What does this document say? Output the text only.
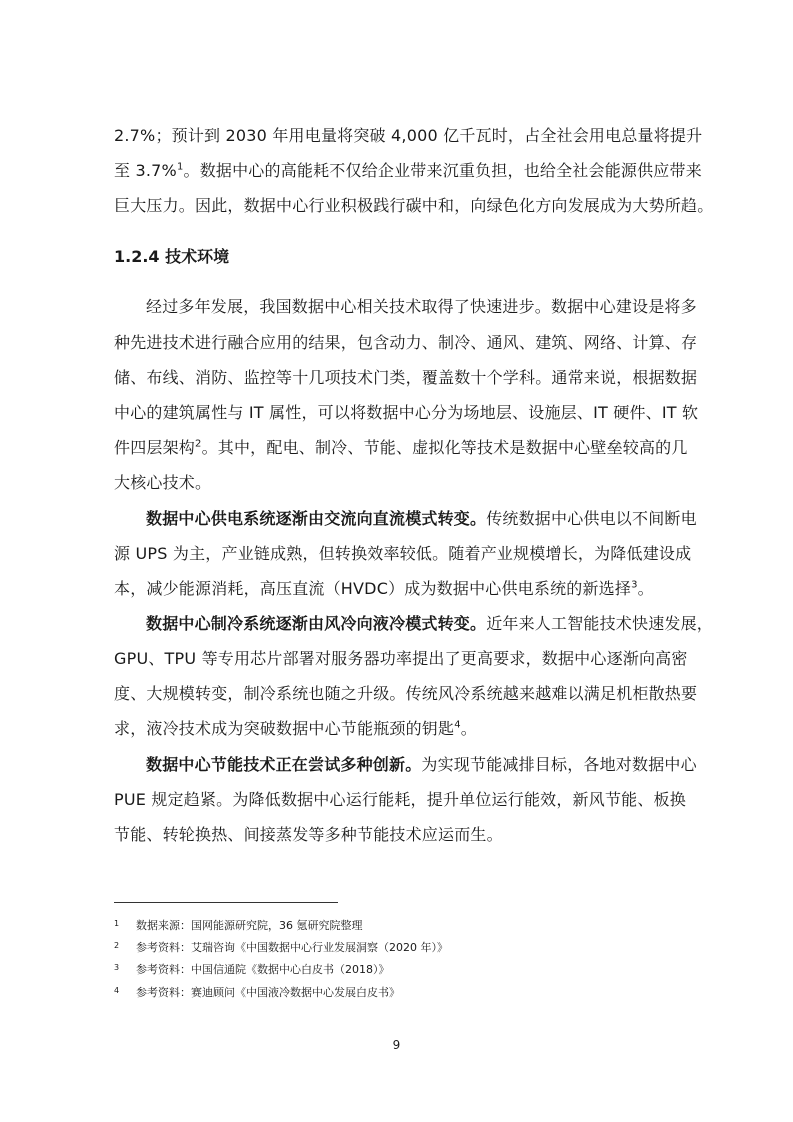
2.7%；预计到 2030 年用电量将突破 4,000 亿千瓦时，占全社会用电总量将提升
至 3.7%$^1$。数据中心的高能耗不仅给企业带来沉重负担，也给全社会能源供应带来
巨大压力。因此，数据中心行业积极践行碳中和，向绿色化方向发展成为大势所趋。
1.2.4 技术环境
经过多年发展，我国数据中心相关技术取得了快速进步。数据中心建设是将多
种先进技术进行融合应用的结果，包含动力、制冷、通风、建筑、网络、计算、存
储、布线、消防、监控等十几项技术门类，覆盖数十个学科。通常来说，根据数据
中心的建筑属性与 IT 属性，可以将数据中心分为场地层、设施层、IT 硬件、IT 软
件四层架构$^2$。其中，配电、制冷、节能、虚拟化等技术是数据中心壁垒较高的几
大核心技术。
数据中心供电系统逐渐由交流向直流模式转变。传统数据中心供电以不间断电
源 UPS 为主，产业链成熟，但转换效率较低。随着产业规模增长，为降低建设成
本，减少能源消耗，高压直流（HVDC）成为数据中心供电系统的新选择$^3$。
数据中心制冷系统逐渐由风冷向液冷模式转变。近年来人工智能技术快速发展，
GPU、TPU 等专用芯片部署对服务器功率提出了更高要求，数据中心逐渐向高密
度、大规模转变，制冷系统也随之升级。传统风冷系统越来越难以满足机柜散热要
求，液冷技术成为突破数据中心节能瓶颈的钥匙$^4$。
数据中心节能技术正在尝试多种创新。为实现节能减排目标，各地对数据中心
PUE 规定趋紧。为降低数据中心运行能耗，提升单位运行能效，新风节能、板换
节能、转轮换热、间接蒸发等多种节能技术应运而生。
1 数据来源：国网能源研究院，36 氪研究院整理
2 参考资料：艾瑞咨询《中国数据中心行业发展洞察（2020 年）》
3 参考资料：中国信通院《数据中心白皮书（2018）》
4 参考资料：赛迪顾问《中国液冷数据中心发展白皮书》
9
